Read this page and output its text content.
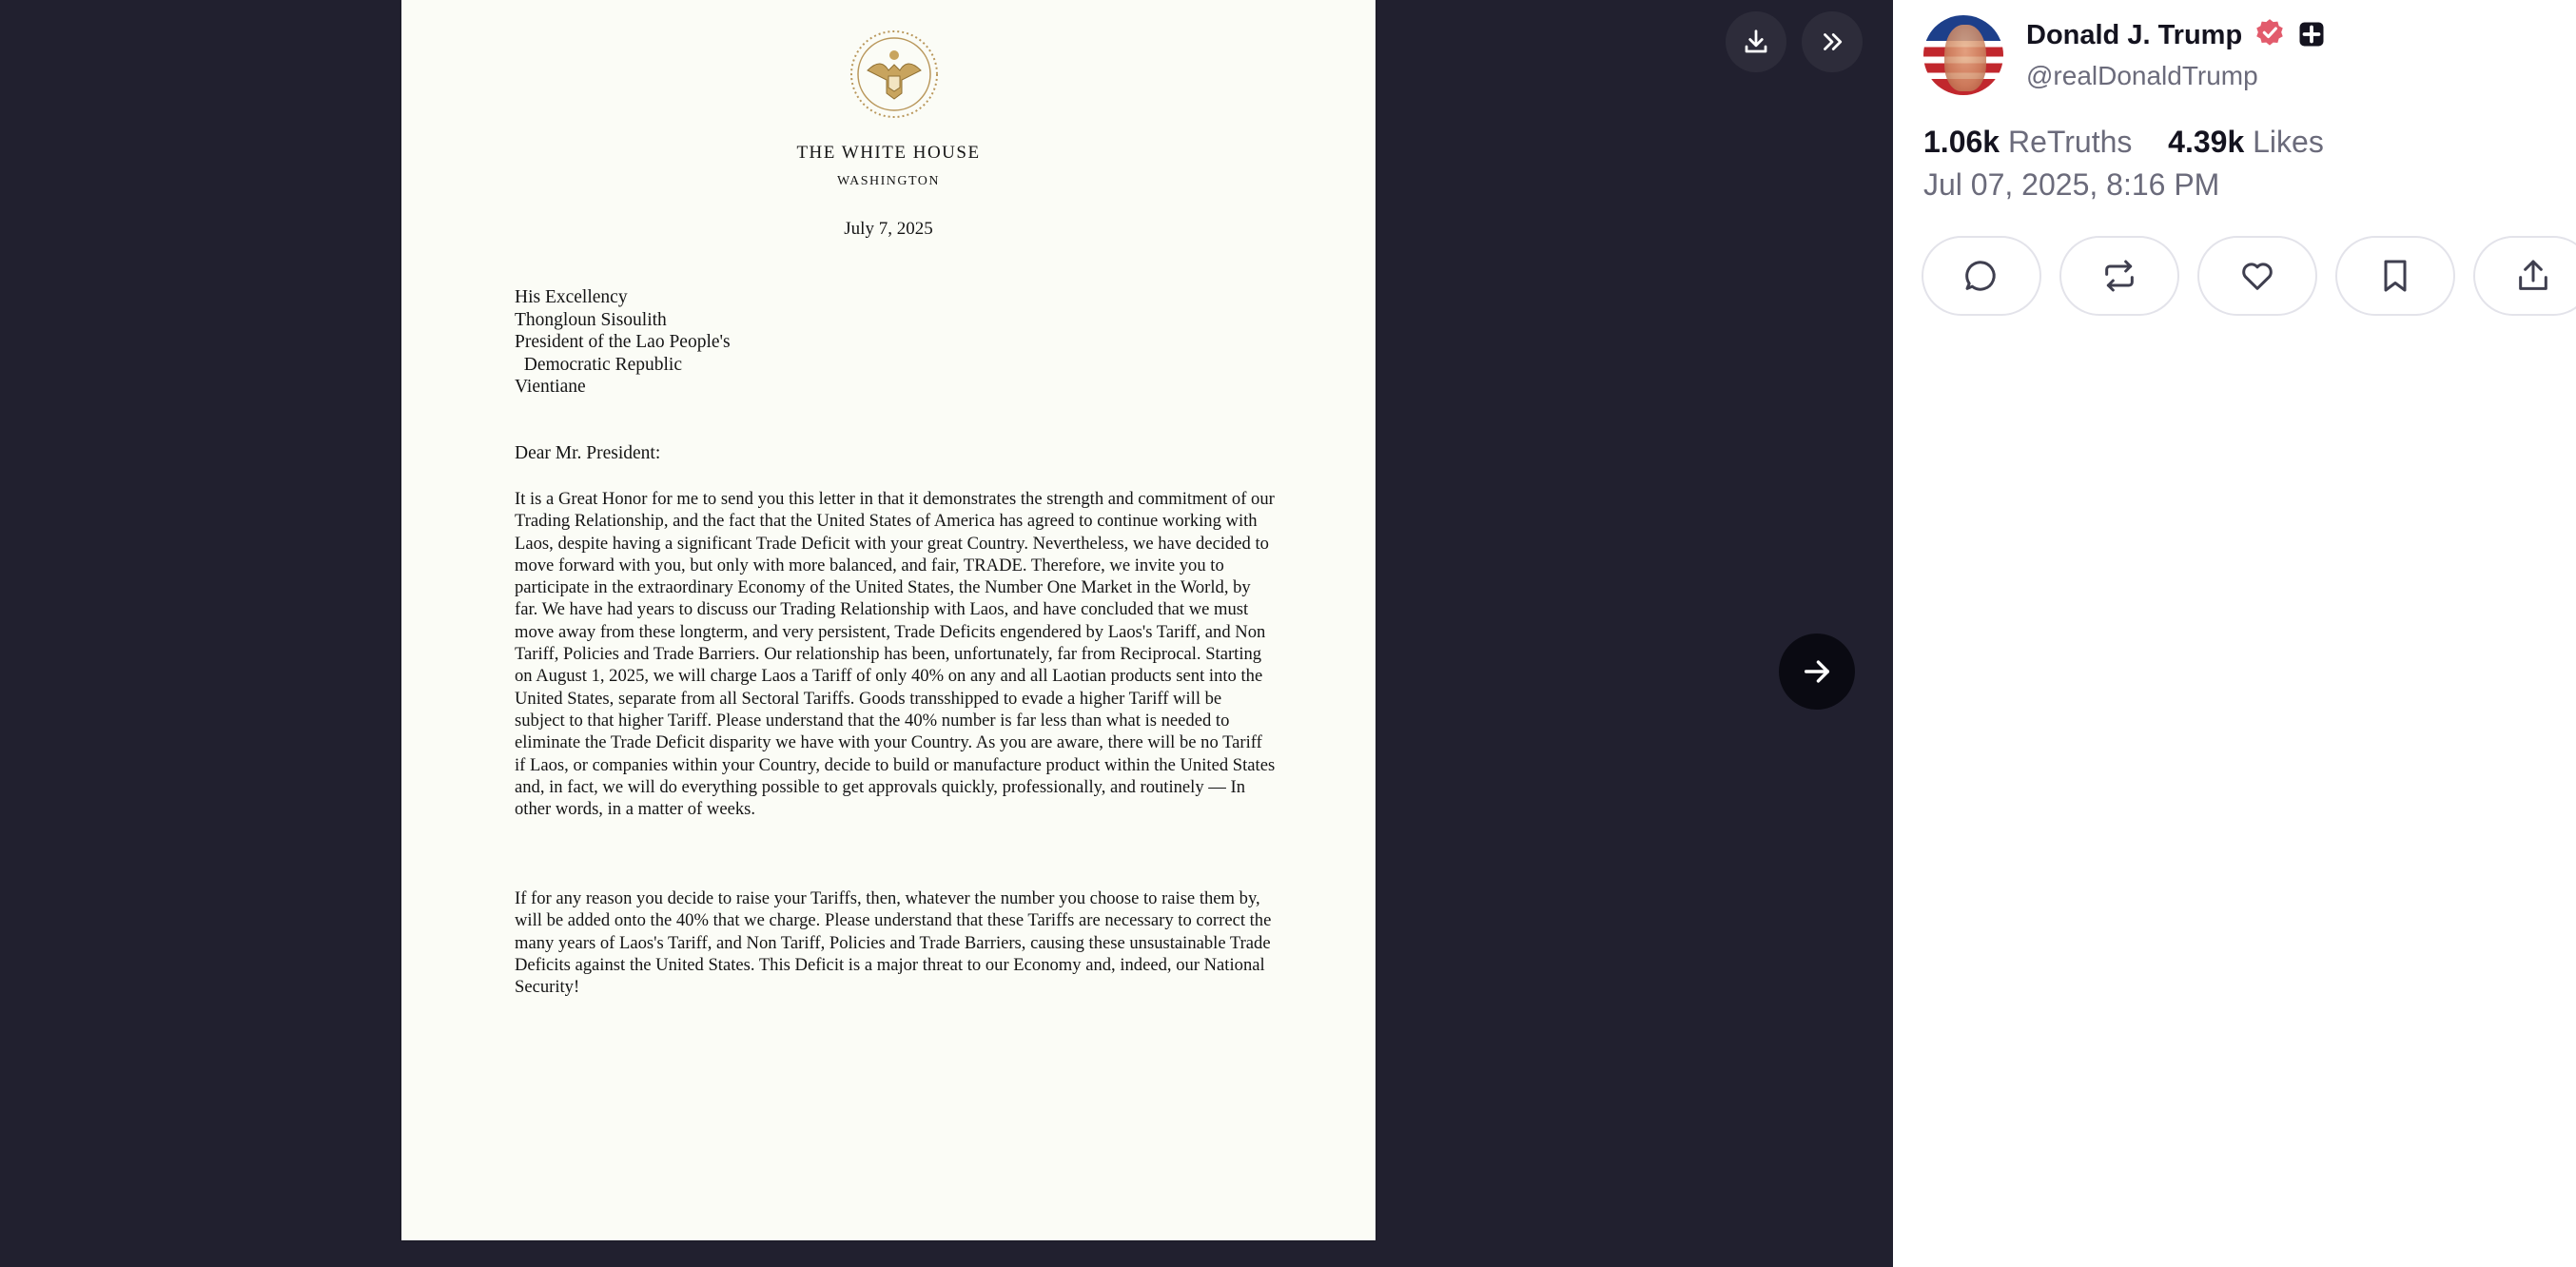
THE WHITE HOUSE
WASHINGTON
July 7, 2025
His Excellency
Thongloun Sisoulith
President of the Lao People's
Democratic Republic
Vientiane
Dear Mr. President:
It is a Great Honor for me to send you this letter in that it demonstrates the strength and commitment of our Trading Relationship, and the fact that the United States of America has agreed to continue working with Laos, despite having a significant Trade Deficit with your great Country. Nevertheless, we have decided to move forward with you, but only with more balanced, and fair, TRADE. Therefore, we invite you to participate in the extraordinary Economy of the United States, the Number One Market in the World, by far. We have had years to discuss our Trading Relationship with Laos, and have concluded that we must move away from these longterm, and very persistent, Trade Deficits engendered by Laos's Tariff, and Non Tariff, Policies and Trade Barriers. Our relationship has been, unfortunately, far from Reciprocal. Starting on August 1, 2025, we will charge Laos a Tariff of only 40% on any and all Laotian products sent into the United States, separate from all Sectoral Tariffs. Goods transshipped to evade a higher Tariff will be subject to that higher Tariff. Please understand that the 40% number is far less than what is needed to eliminate the Trade Deficit disparity we have with your Country. As you are aware, there will be no Tariff if Laos, or companies within your Country, decide to build or manufacture product within the United States and, in fact, we will do everything possible to get approvals quickly, professionally, and routinely — In other words, in a matter of weeks.
If for any reason you decide to raise your Tariffs, then, whatever the number you choose to raise them by, will be added onto the 40% that we charge. Please understand that these Tariffs are necessary to correct the many years of Laos's Tariff, and Non Tariff, Policies and Trade Barriers, causing these unsustainable Trade Deficits against the United States. This Deficit is a major threat to our Economy and, indeed, our National Security!
Donald J. Trump
@realDonaldTrump
1.06k ReTruths 4.39k Likes
Jul 07, 2025, 8:16 PM
